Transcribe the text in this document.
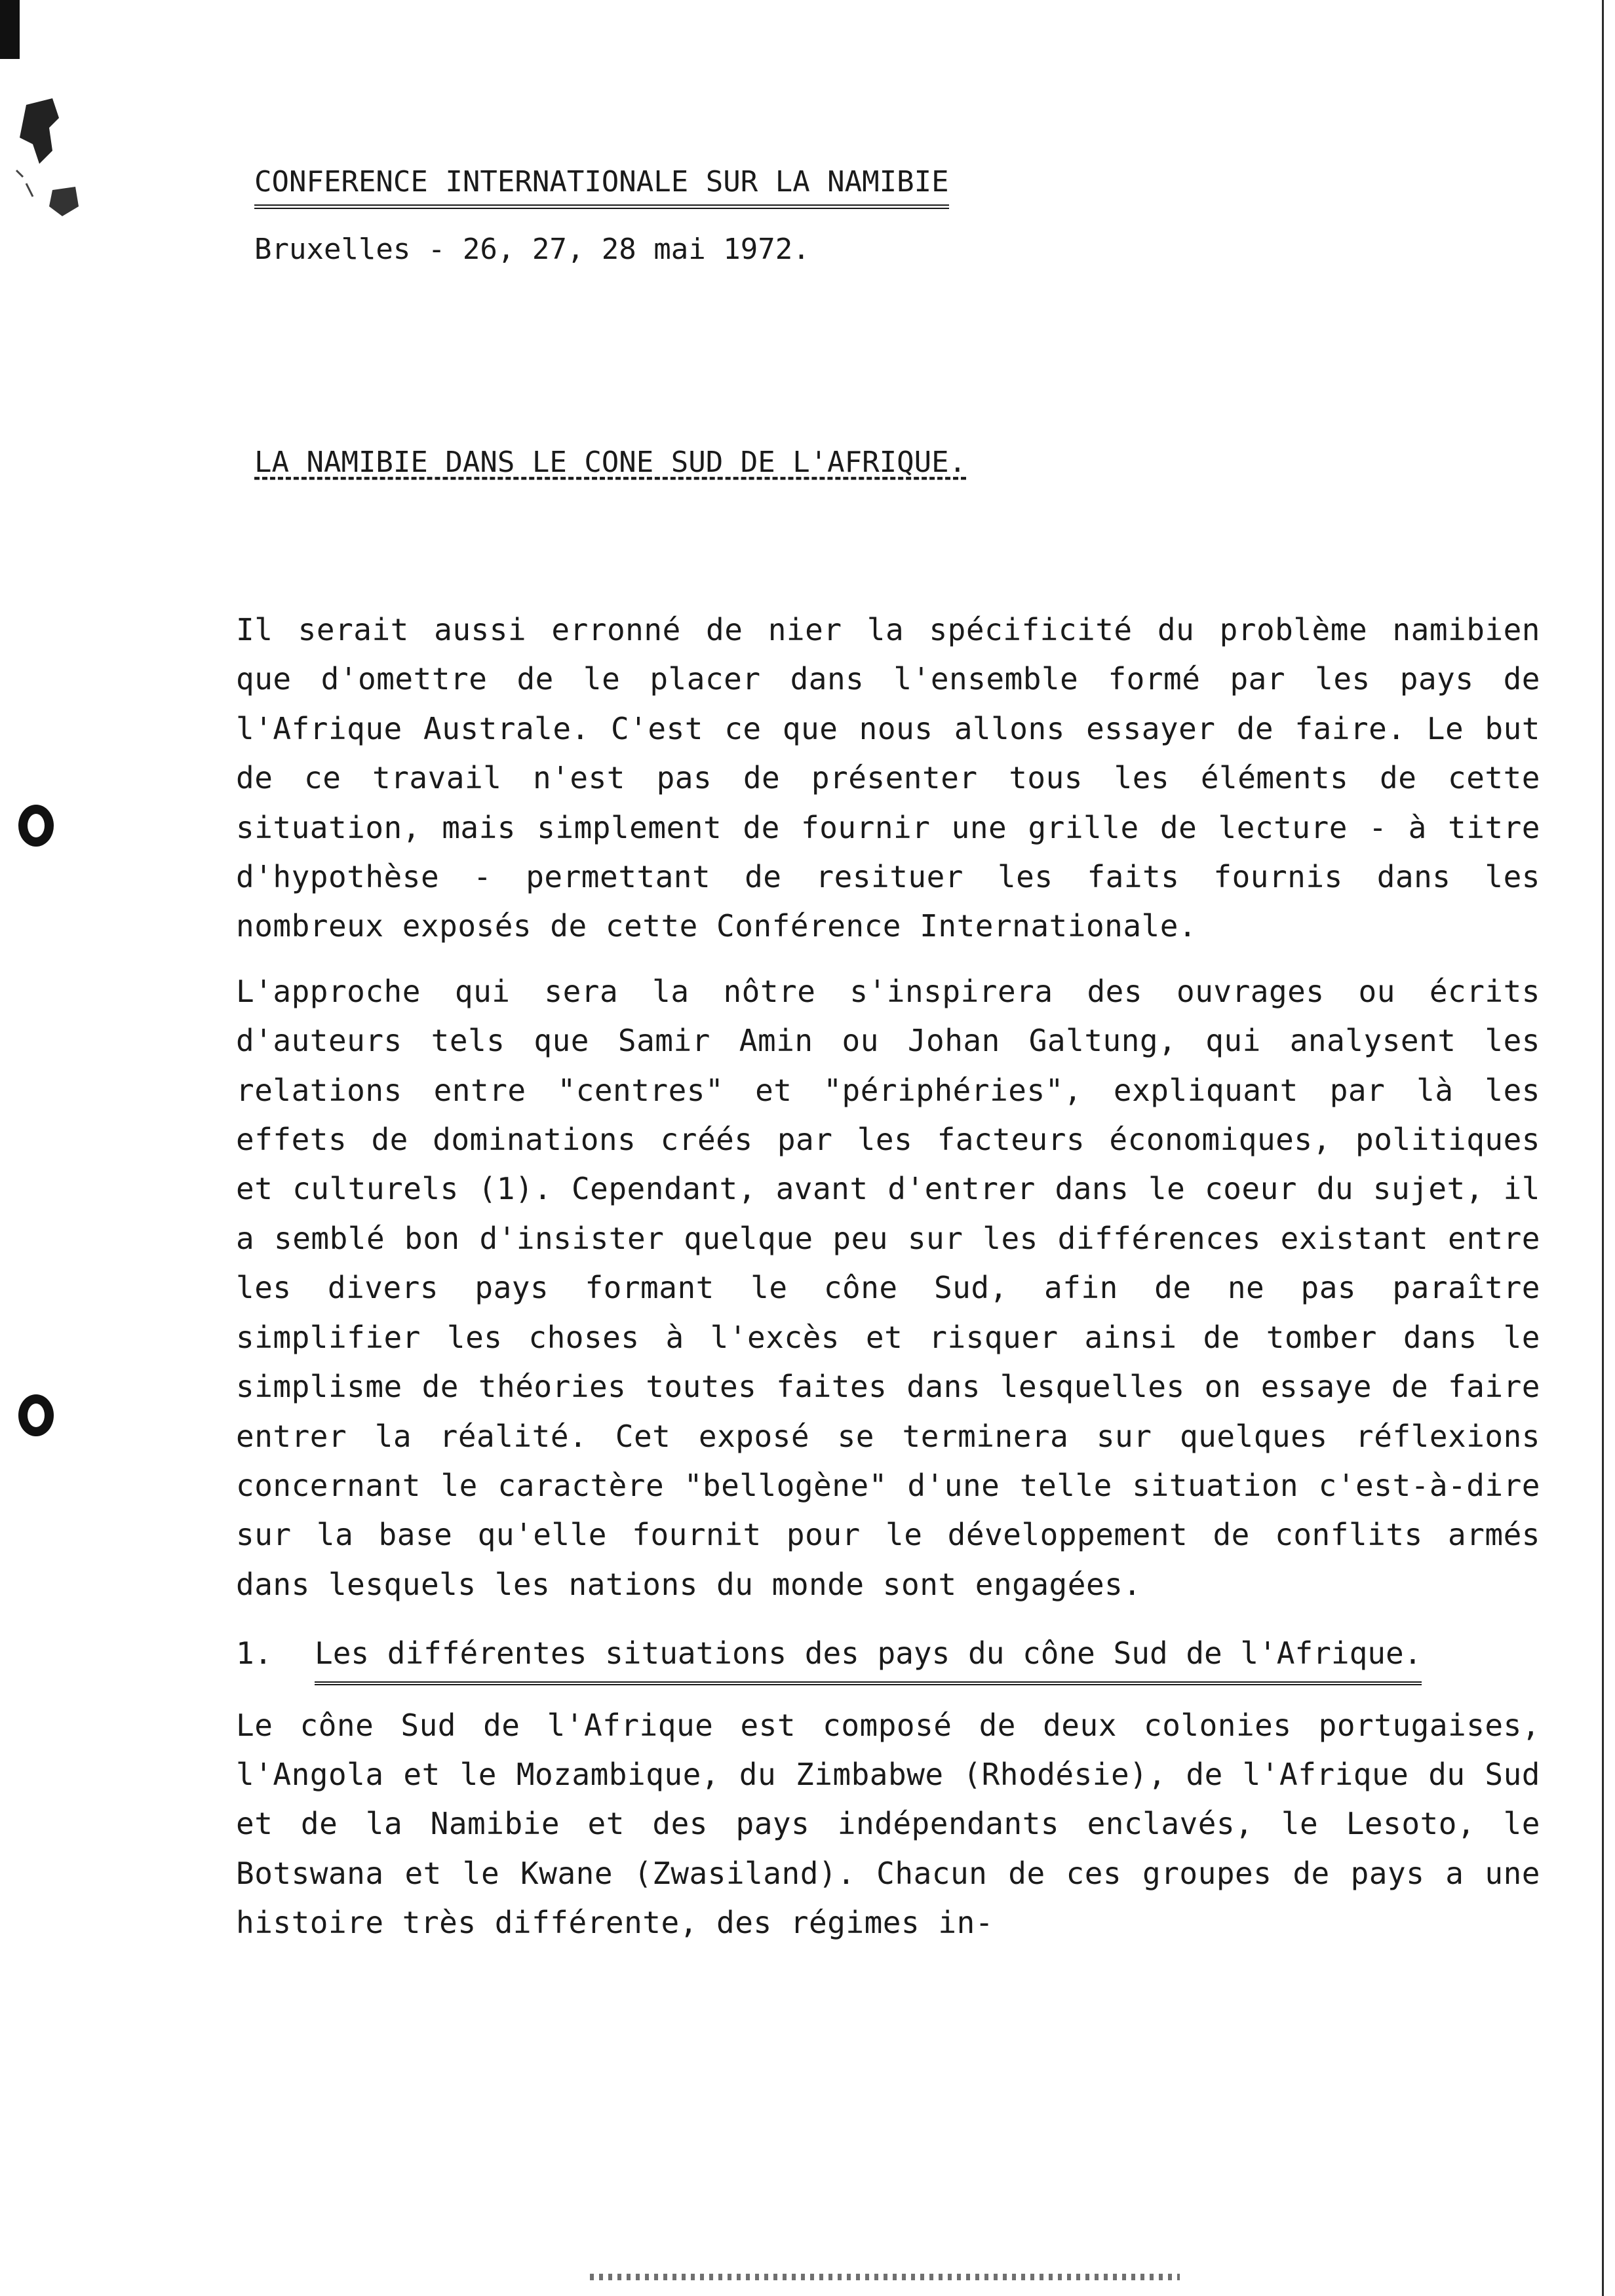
CONFERENCE INTERNATIONALE SUR LA NAMIBIE
Bruxelles - 26, 27, 28 mai 1972.
LA NAMIBIE DANS LE CONE SUD DE L'AFRIQUE.

Il serait aussi erronné de nier la spécificité du problème namibien que d'omettre de le placer dans l'ensemble formé par les pays de l'Afrique Australe. C'est ce que nous allons essayer de faire. Le but de ce travail n'est pas de présenter tous les éléments de cette situation, mais simplement de fournir une grille de lecture - à titre d'hypothèse - permettant de resituer les faits fournis dans les nombreux exposés de cette Conférence Internationale.

L'approche qui sera la nôtre s'inspirera des ouvrages ou écrits d'auteurs tels que Samir Amin ou Johan Galtung, qui analysent les relations entre "centres" et "périphéries", expliquant par là les effets de dominations créés par les facteurs économiques, politiques et culturels (1). Cependant, avant d'entrer dans le coeur du sujet, il a semblé bon d'insister quelque peu sur les différences existant entre les divers pays formant le cône Sud, afin de ne pas paraître simplifier les choses à l'excès et risquer ainsi de tomber dans le simplisme de théories toutes faites dans lesquelles on essaye de faire entrer la réalité. Cet exposé se terminera sur quelques réflexions concernant le caractère "bellogène" d'une telle situation c'est-à-dire sur la base qu'elle fournit pour le développement de conflits armés dans lesquels les nations du monde sont engagées.

1. Les différentes situations des pays du cône Sud de l'Afrique.

Le cône Sud de l'Afrique est composé de deux colonies portugaises, l'Angola et le Mozambique, du Zimbabwe (Rhodésie), de l'Afrique du Sud et de la Namibie et des pays indépendants enclavés, le Lesoto, le Botswana et le Kwane (Zwasiland). Chacun de ces groupes de pays a une histoire très différente, des régimes in-
